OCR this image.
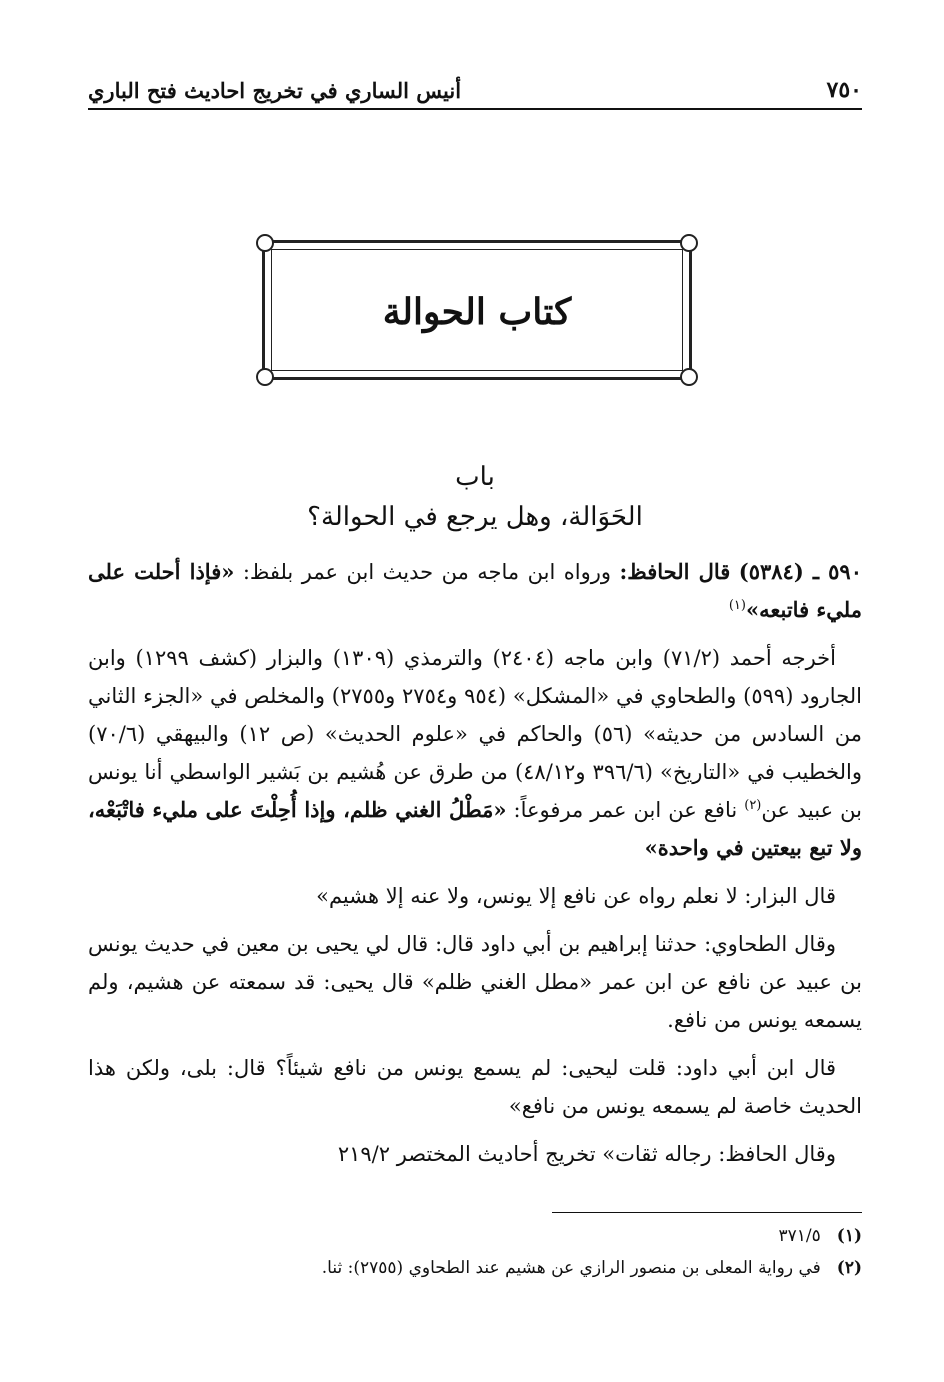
٧٥٠
أنيس الساري في تخريج احاديث فتح الباري
كتاب الحوالة
باب
الحَوَالة، وهل يرجع في الحوالة؟

٥٩٠ ـ (٥٣٨٤) قال الحافظ: ورواه ابن ماجه من حديث ابن عمر بلفظ: «فإذا أحلت على مليء فاتبعه»$^{(١)}$

أخرجه أحمد (٧١/٢) وابن ماجه (٢٤٠٤) والترمذي (١٣٠٩) والبزار (كشف ١٢٩٩) وابن الجارود (٥٩٩) والطحاوي في «المشكل» (٩٥٤ و٢٧٥٤ و٢٧٥٥) والمخلص في «الجزء الثاني من السادس من حديثه» (٥٦) والحاكم في «علوم الحديث» (ص ١٢) والبيهقي (٧٠/٦) والخطيب في «التاريخ» (٣٩٦/٦ و٤٨/١٢) من طرق عن هُشيم بن بَشير الواسطي أنا يونس بن عبيد عن$^{(٢)}$ نافع عن ابن عمر مرفوعاً: «مَطْلُ الغني ظلم، وإذا أُحِلْتَ على مليء فاتْبَعْه، ولا تبع بيعتين في واحدة»

قال البزار: لا نعلم رواه عن نافع إلا يونس، ولا عنه إلا هشيم»

وقال الطحاوي: حدثنا إبراهيم بن أبي داود قال: قال لي يحيى بن معين في حديث يونس بن عبيد عن نافع عن ابن عمر «مطل الغني ظلم» قال يحيى: قد سمعته عن هشيم، ولم يسمعه يونس من نافع.

قال ابن أبي داود: قلت ليحيى: لم يسمع يونس من نافع شيئاً؟ قال: بلى، ولكن هذا الحديث خاصة لم يسمعه يونس من نافع»

وقال الحافظ: رجاله ثقات» تخريج أحاديث المختصر ٢١٩/٢

(١)
٣٧١/٥
(٢)
في رواية المعلى بن منصور الرازي عن هشيم عند الطحاوي (٢٧٥٥): ثنا.
